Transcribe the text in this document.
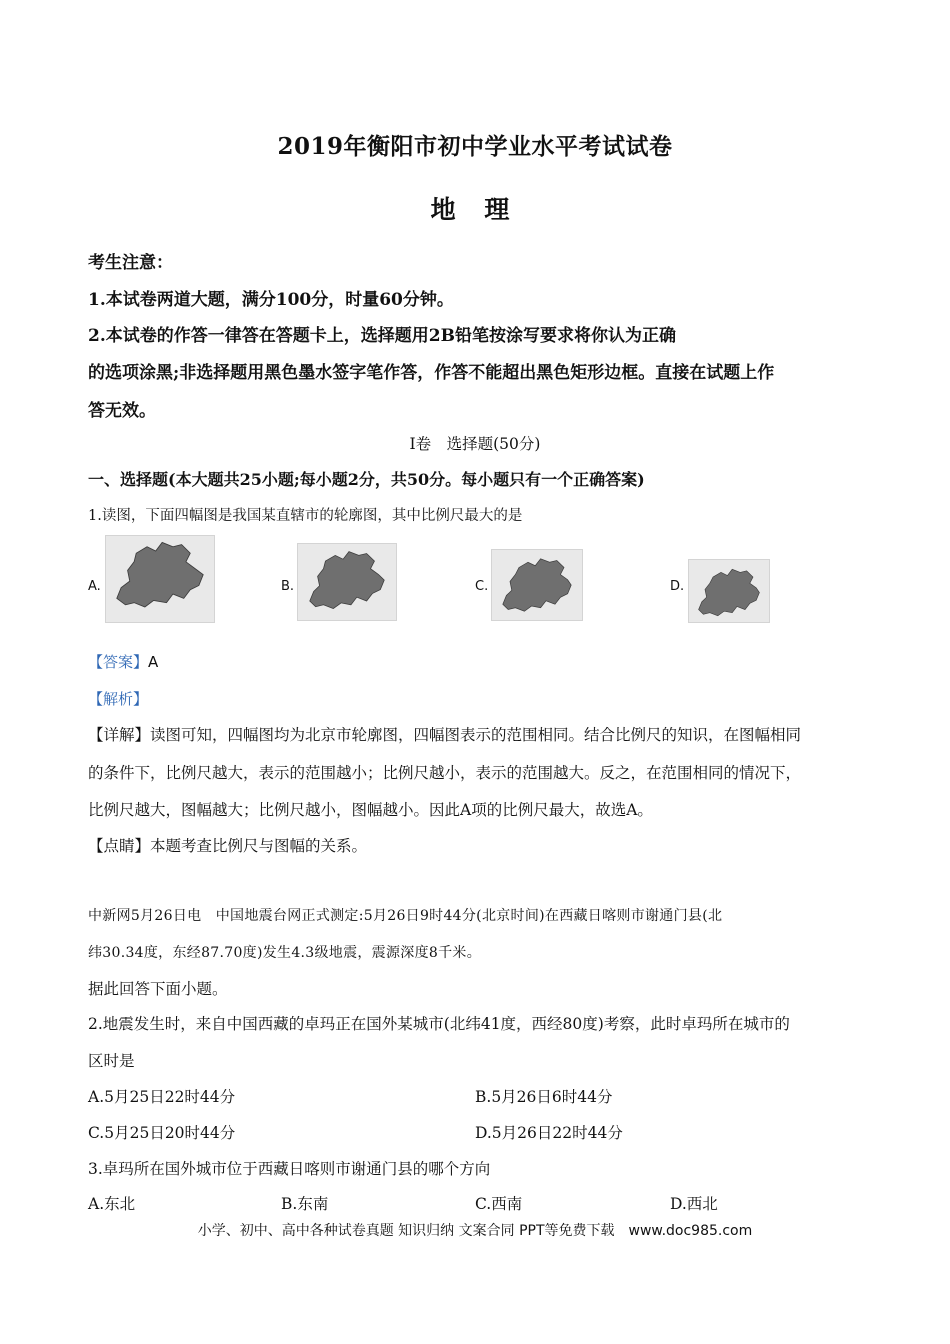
2019年衡阳市初中学业水平考试试卷
地 理
考生注意：
1.本试卷两道大题，满分100分，时量60分钟。
2.本试卷的作答一律答在答题卡上，选择题用2B铅笔按涂写要求将你认为正确
的选项涂黑;非选择题用黑色墨水签字笔作答，作答不能超出黑色矩形边框。直接在试题上作
答无效。
I卷　选择题(50分)
一、选择题(本大题共25小题;每小题2分，共50分。每小题只有一个正确答案)
1.读图，下面四幅图是我国某直辖市的轮廓图，其中比例尺最大的是
A.	B.	C.	D.
【答案】A
【解析】
【详解】读图可知，四幅图均为北京市轮廓图，四幅图表示的范围相同。结合比例尺的知识，在图幅相同
的条件下，比例尺越大，表示的范围越小；比例尺越小，表示的范围越大。反之，在范围相同的情况下，
比例尺越大，图幅越大；比例尺越小，图幅越小。因此A项的比例尺最大，故选A。
【点睛】本题考查比例尺与图幅的关系。
中新网5月26日电　中国地震台网正式测定:5月26日9时44分(北京时间)在西藏日喀则市谢通门县(北
纬30.34度，东经87.70度)发生4.3级地震，震源深度8千米。
据此回答下面小题。
2.地震发生时，来自中国西藏的卓玛正在国外某城市(北纬41度，西经80度)考察，此时卓玛所在城市的
区时是
A.5月25日22时44分	B.5月26日6时44分
C.5月25日20时44分	D.5月26日22时44分
3.卓玛所在国外城市位于西藏日喀则市谢通门县的哪个方向
A.东北	B.东南	C.西南	D.西北
小学、初中、高中各种试卷真题 知识归纳 文案合同 PPT等免费下载　www.doc985.com
